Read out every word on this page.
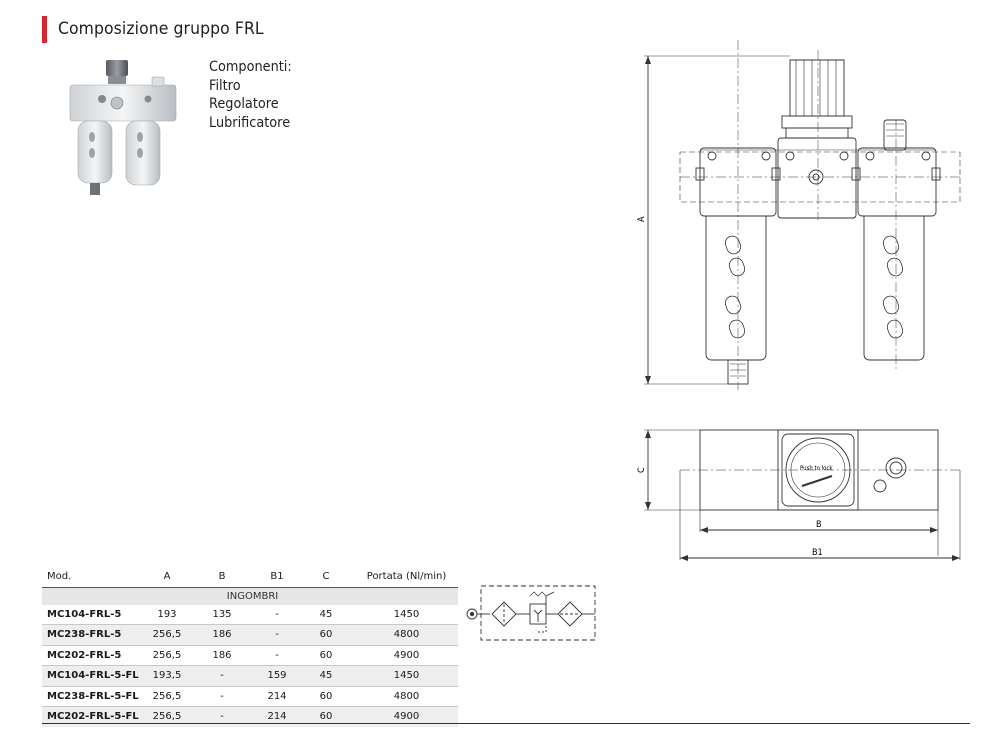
Composizione gruppo FRL
Componenti:
Filtro
Regolatore
Lubrificatore
A
C
B
B1
Push to lock
INGOMBRI					
Mod.	A	B	B1	C	Portata (Nl/min)
MC104-FRL-5	193	135	-	45	1450
MC238-FRL-5	256,5	186	-	60	4800
MC202-FRL-5	256,5	186	-	60	4900
MC104-FRL-5-FL	193,5	-	159	45	1450
MC238-FRL-5-FL	256,5	-	214	60	4800
MC202-FRL-5-FL	256,5	-	214	60	4900
